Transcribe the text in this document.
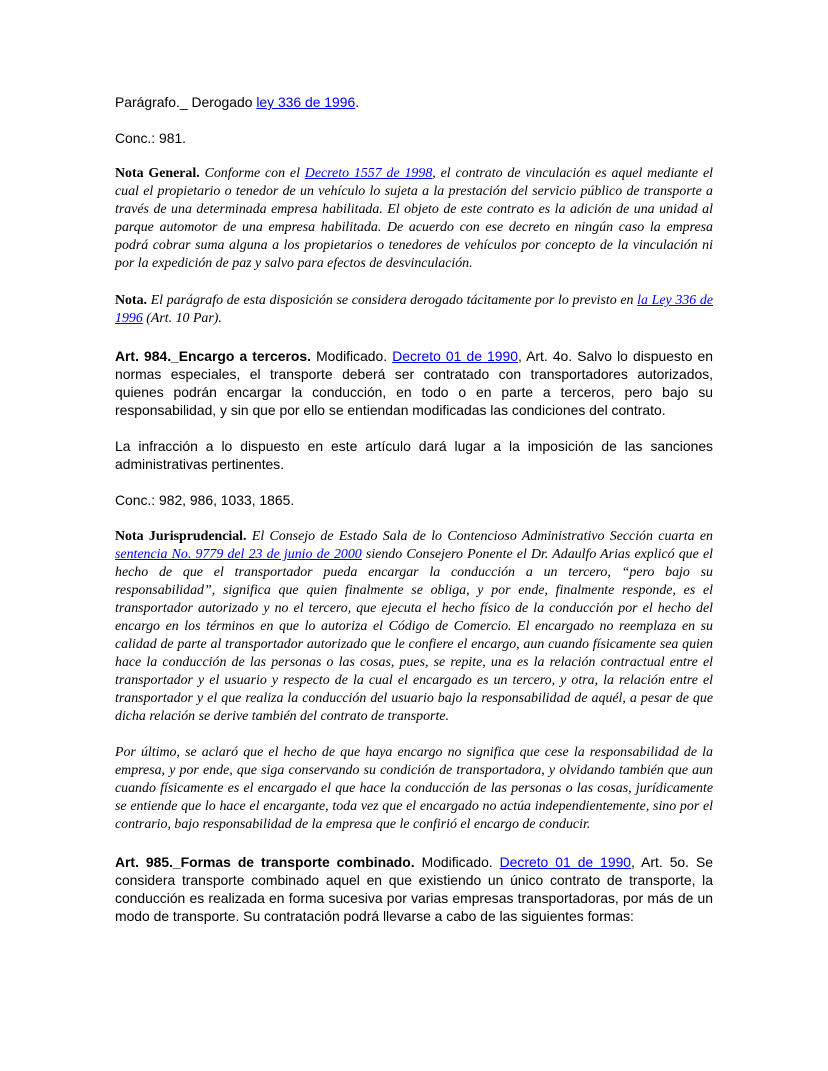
Parágrafo._ Derogado ley 336 de 1996.

Conc.: 981.

Nota General. Conforme con el Decreto 1557 de 1998, el contrato de vinculación es aquel mediante el cual el propietario o tenedor de un vehículo lo sujeta a la prestación del servicio público de transporte a través de una determinada empresa habilitada. El objeto de este contrato es la adición de una unidad al parque automotor de una empresa habilitada. De acuerdo con ese decreto en ningún caso la empresa podrá cobrar suma alguna a los propietarios o tenedores de vehículos por concepto de la vinculación ni por la expedición de paz y salvo para efectos de desvinculación.

Nota. El parágrafo de esta disposición se considera derogado tácitamente por lo previsto en la Ley 336 de 1996 (Art. 10 Par).

Art. 984._Encargo a terceros. Modificado. Decreto 01 de 1990, Art. 4o. Salvo lo dispuesto en normas especiales, el transporte deberá ser contratado con transportadores autorizados, quienes podrán encargar la conducción, en todo o en parte a terceros, pero bajo su responsabilidad, y sin que por ello se entiendan modificadas las condiciones del contrato.

La infracción a lo dispuesto en este artículo dará lugar a la imposición de las sanciones administrativas pertinentes.

Conc.: 982, 986, 1033, 1865.

Nota Jurisprudencial. El Consejo de Estado Sala de lo Contencioso Administrativo Sección cuarta en sentencia No. 9779 del 23 de junio de 2000 siendo Consejero Ponente el Dr. Adaulfo Arias explicó que el hecho de que el transportador pueda encargar la conducción a un tercero, “pero bajo su responsabilidad”, significa que quien finalmente se obliga, y por ende, finalmente responde, es el transportador autorizado y no el tercero, que ejecuta el hecho físico de la conducción por el hecho del encargo en los términos en que lo autoriza el Código de Comercio. El encargado no reemplaza en su calidad de parte al transportador autorizado que le confiere el encargo, aun cuando físicamente sea quien hace la conducción de las personas o las cosas, pues, se repite, una es la relación contractual entre el transportador y el usuario y respecto de la cual el encargado es un tercero, y otra, la relación entre el transportador y el que realiza la conducción del usuario bajo la responsabilidad de aquél, a pesar de que dicha relación se derive también del contrato de transporte.

Por último, se aclaró que el hecho de que haya encargo no significa que cese la responsabilidad de la empresa, y por ende, que siga conservando su condición de transportadora, y olvidando también que aun cuando físicamente es el encargado el que hace la conducción de las personas o las cosas, jurídicamente se entiende que lo hace el encargante, toda vez que el encargado no actúa independientemente, sino por el contrario, bajo responsabilidad de la empresa que le confirió el encargo de conducir.

Art. 985._Formas de transporte combinado. Modificado. Decreto 01 de 1990, Art. 5o. Se considera transporte combinado aquel en que existiendo un único contrato de transporte, la conducción es realizada en forma sucesiva por varias empresas transportadoras, por más de un modo de transporte. Su contratación podrá llevarse a cabo de las siguientes formas:
